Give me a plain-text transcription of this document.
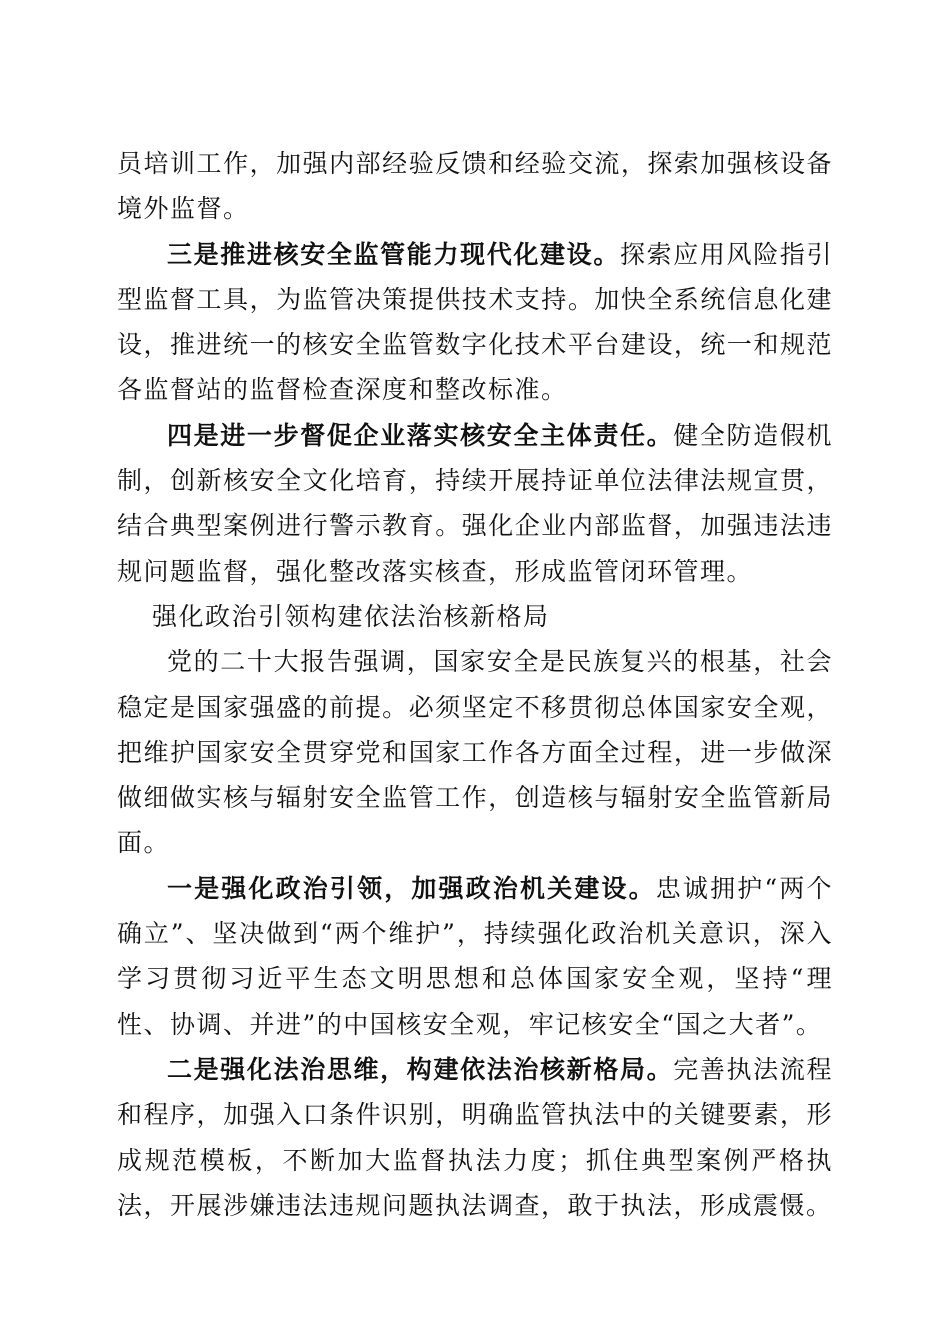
员培训工作，加强内部经验反馈和经验交流，探索加强核设备境外监督。

三是推进核安全监管能力现代化建设。探索应用风险指引型监督工具，为监管决策提供技术支持。加快全系统信息化建设，推进统一的核安全监管数字化技术平台建设，统一和规范各监督站的监督检查深度和整改标准。

四是进一步督促企业落实核安全主体责任。健全防造假机制，创新核安全文化培育，持续开展持证单位法律法规宣贯，结合典型案例进行警示教育。强化企业内部监督，加强违法违规问题监督，强化整改落实核查，形成监管闭环管理。

强化政治引领构建依法治核新格局

党的二十大报告强调，国家安全是民族复兴的根基，社会稳定是国家强盛的前提。必须坚定不移贯彻总体国家安全观，把维护国家安全贯穿党和国家工作各方面全过程，进一步做深做细做实核与辐射安全监管工作，创造核与辐射安全监管新局面。

一是强化政治引领，加强政治机关建设。忠诚拥护“两个确立”、坚决做到“两个维护”，持续强化政治机关意识，深入学习贯彻习近平生态文明思想和总体国家安全观，坚持“理性、协调、并进”的中国核安全观，牢记核安全“国之大者”。

二是强化法治思维，构建依法治核新格局。完善执法流程和程序，加强入口条件识别，明确监管执法中的关键要素，形成规范模板，不断加大监督执法力度；抓住典型案例严格执法，开展涉嫌违法违规问题执法调查，敢于执法，形成震慑。
